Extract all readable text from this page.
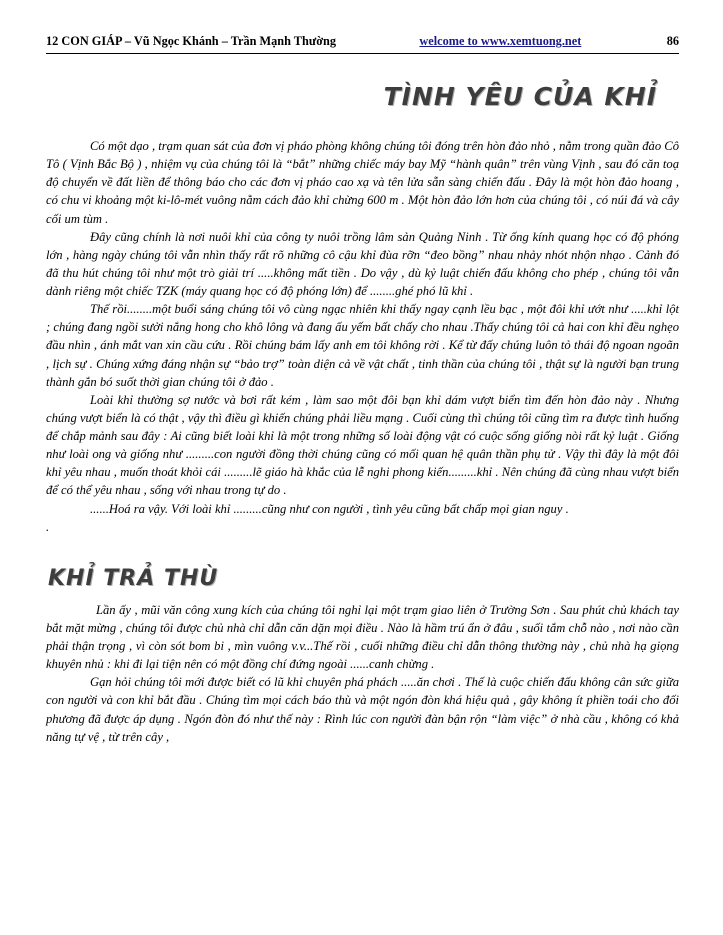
12 CON GIÁP – Vũ Ngọc Khánh – Trần Mạnh Thường	welcome to www.xemtuong.net	86
TÌNH YÊU CỦA KHỈ

Có một dạo , trạm quan sát của đơn vị pháo phòng không chúng tôi đóng trên hòn đảo nhỏ , nằm trong quần đảo Cô Tô ( Vịnh Bắc Bộ ) , nhiệm vụ của chúng tôi là “bắt” những chiếc máy bay Mỹ “hành quân” trên vùng Vịnh , sau đó căn toạ độ chuyển về đất liền để thông báo cho các đơn vị pháo cao xạ và tên lửa sẵn sàng chiến đấu . Đây là một hòn đảo hoang , có chu vi khoảng một ki-lô-mét vuông nằm cách đảo khỉ chừng 600 m . Một hòn đảo lớn hơn của chúng tôi , có núi đá và cây cối um tùm .

Đây cũng chính là nơi nuôi khỉ của công ty nuôi trồng lâm sản Quảng Ninh . Từ ống kính quang học có độ phóng lớn , hàng ngày chúng tôi vẫn nhìn thấy rất rõ những cô cậu khỉ đùa rỡn “đeo bồng” nhau nhảy nhót nhộn nhạo . Cảnh đó đã thu hút chúng tôi như một trò giải trí .....không mất tiền . Do vậy , dù kỷ luật chiến đấu không cho phép , chúng tôi vẫn dành riêng một chiếc TZK (máy quang học có độ phóng lớn) để ........ghé phó lũ khỉ .

Thế rồi........một buổi sáng chúng tôi vô cùng ngạc nhiên khi thấy ngay cạnh lều bạc , một đôi khỉ ướt như .....khỉ lột ; chúng đang ngồi sưởi nắng hong cho khô lông và đang ấu yếm bất chấy cho nhau .Thấy chúng tôi cả hai con khỉ đều nghẹo đầu nhìn , ánh mắt van xin cầu cứu . Rồi chúng bám lấy anh em tôi không rời . Kể từ đấy chúng luôn tỏ thái độ ngoan ngoãn , lịch sự . Chúng xứng đáng nhận sự “bảo trợ” toàn diện cả về vật chất , tinh thần của chúng tôi , thật sự là người bạn trung thành gắn bó suốt thời gian chúng tôi ở đảo .

Loài khỉ thường sợ nước và bơi rất kém , làm sao một đôi bạn khỉ dám vượt biển tìm đến hòn đảo này . Nhưng chúng vượt biển là có thật , vậy thì điều gì khiến chúng phải liều mạng . Cuối cùng thì chúng tôi cũng tìm ra được tình huống để chắp mảnh sau đây : Ai cũng biết loài khỉ là một trong những số loài động vật có cuộc sống giống nòi rất kỷ luật . Giống như loài ong và giống như .........con người đồng thời chúng cũng có mối quan hệ quân thần phụ tử . Vậy thì đây là một đôi khỉ yêu nhau , muốn thoát khỏi cái .........lẽ giáo hà khắc của lễ nghi phong kiến.........khỉ . Nên chúng đã cùng nhau vượt biển để có thể yêu nhau , sống với nhau trong tự do .

......Hoá ra vậy. Với loài khỉ .........cũng như con người , tình yêu cũng bất chấp mọi gian nguy .

.

KHỈ TRẢ THÙ

Lần ấy , mũi văn công xung kích của chúng tôi nghỉ lại một trạm giao liên ở Trường Sơn . Sau phút chủ khách tay bắt mặt mừng , chúng tôi được chủ nhà chỉ dẫn căn dặn mọi điều . Nào là hầm trú ẩn ở đâu , suối tắm chỗ nào , nơi nào cần phải thận trọng , vì còn sót bom bi , mìn vuông v.v...Thế rồi , cuối những điều chỉ dẫn thông thường này , chủ nhà hạ giọng khuyên nhủ : khi đi lại tiện nên có một đồng chí đứng ngoài ......canh chừng .

Gạn hỏi chúng tôi mới được biết có lũ khỉ chuyên phá phách .....ăn chơi . Thế là cuộc chiến đấu không cân sức giữa con người và con khỉ bắt đầu . Chúng tìm mọi cách báo thù và một ngón đòn khá hiệu quả , gây không ít phiền toái cho đối phương đã được áp dụng . Ngón đòn đó như thế này : Rình lúc con người đàn bận rộn “làm việc” ở nhà cầu , không có khả năng tự vệ , từ trên cây ,
